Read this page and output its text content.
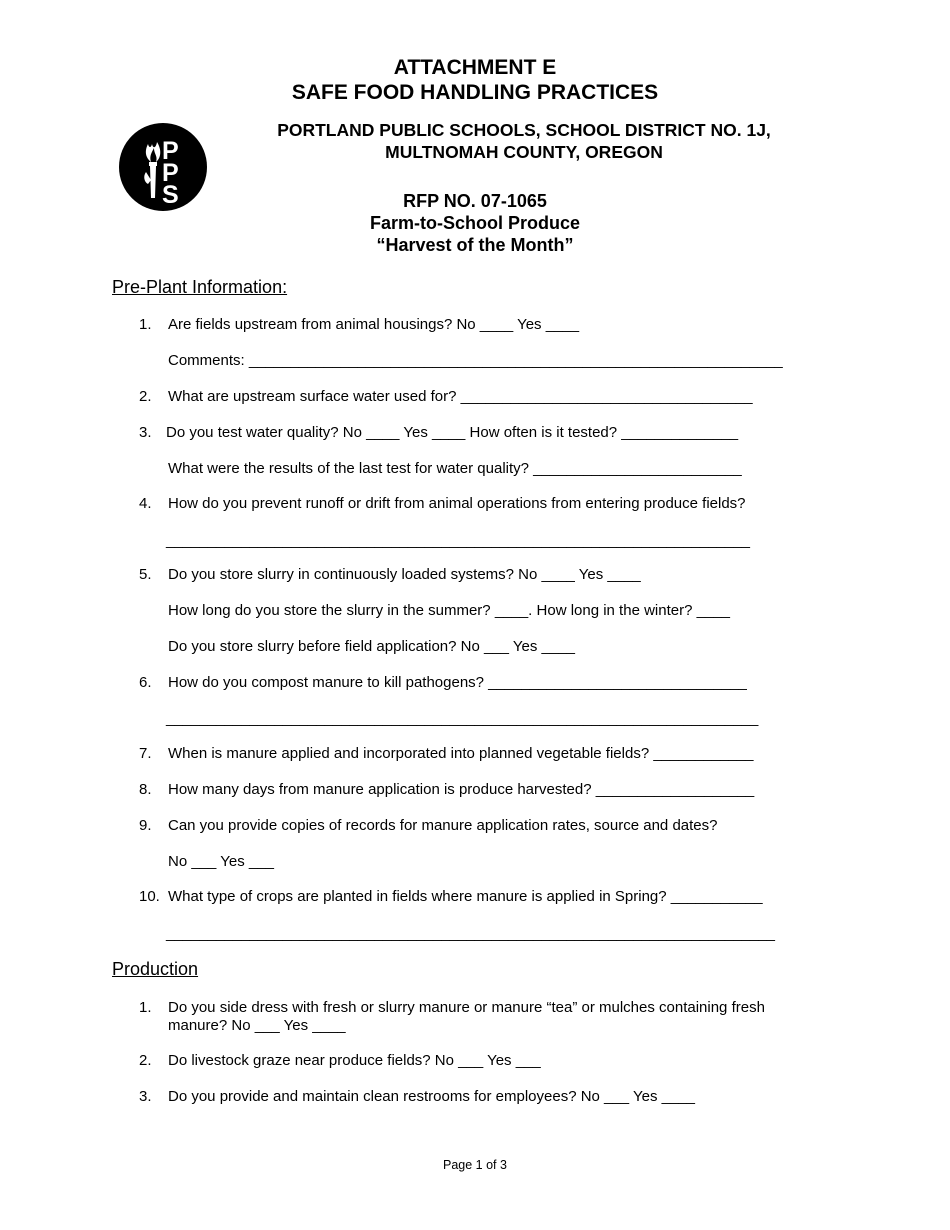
ATTACHMENT E
SAFE FOOD HANDLING PRACTICES
P
P
S
PORTLAND PUBLIC SCHOOLS, SCHOOL DISTRICT NO. 1J,
MULTNOMAH COUNTY, OREGON
RFP NO. 07-1065
Farm-to-School Produce
“Harvest of the Month”
Pre-Plant Information:
1. Are fields upstream from animal housings? No ____ Yes ____
Comments: ________________________________________________________________
2. What are upstream surface water used for? ___________________________________
3. Do you test water quality? No ____ Yes ____ How often is it tested? ______________
What were the results of the last test for water quality? _________________________
4. How do you prevent runoff or drift from animal operations from entering produce fields?
______________________________________________________________________
5. Do you store slurry in continuously loaded systems? No ____ Yes ____
How long do you store the slurry in the summer? ____. How long in the winter? ____
Do you store slurry before field application? No ___ Yes ____
6. How do you compost manure to kill pathogens? _______________________________
_______________________________________________________________________
7. When is manure applied and incorporated into planned vegetable fields? ____________
8. How many days from manure application is produce harvested? ___________________
9. Can you provide copies of records for manure application rates, source and dates?
No ___ Yes ___
10. What type of crops are planted in fields where manure is applied in Spring? ___________
_________________________________________________________________________
Production
1. Do you side dress with fresh or slurry manure or manure “tea” or mulches containing fresh
manure? No ___ Yes ____
2. Do livestock graze near produce fields? No ___ Yes ___
3. Do you provide and maintain clean restrooms for employees? No ___ Yes ____
Page 1 of 3
